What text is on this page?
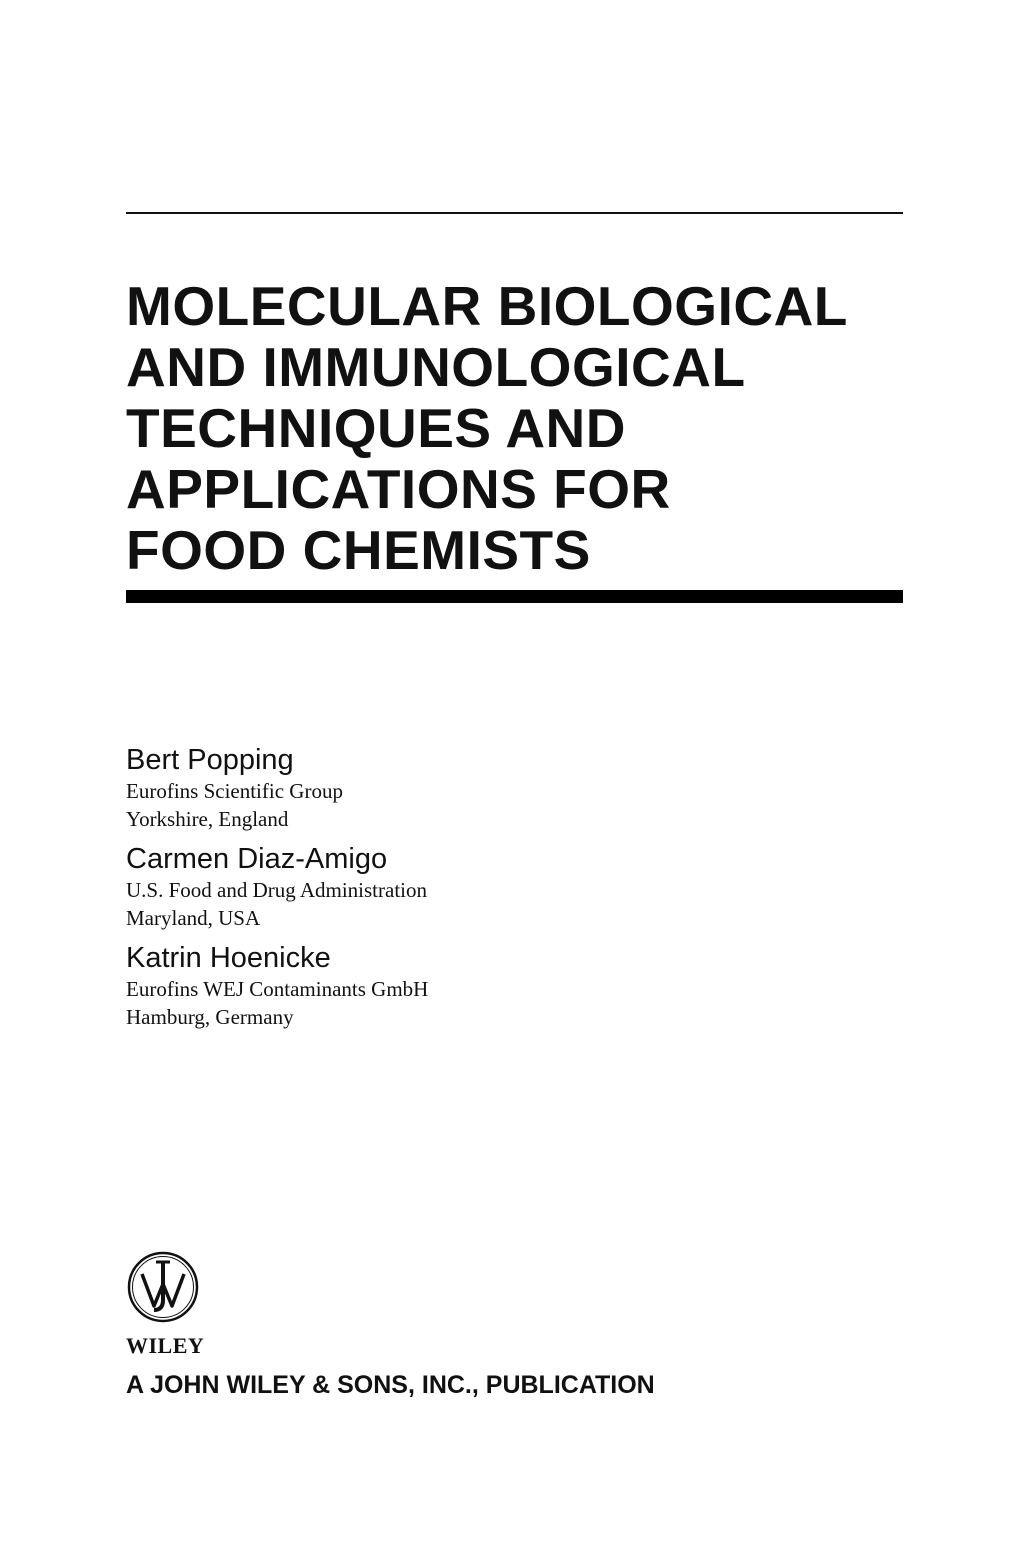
MOLECULAR BIOLOGICAL
AND IMMUNOLOGICAL
TECHNIQUES AND
APPLICATIONS FOR
FOOD CHEMISTS
Bert Popping
Eurofins Scientific Group
Yorkshire, England
Carmen Diaz-Amigo
U.S. Food and Drug Administration
Maryland, USA
Katrin Hoenicke
Eurofins WEJ Contaminants GmbH
Hamburg, Germany
WILEY
A JOHN WILEY & SONS, INC., PUBLICATION
